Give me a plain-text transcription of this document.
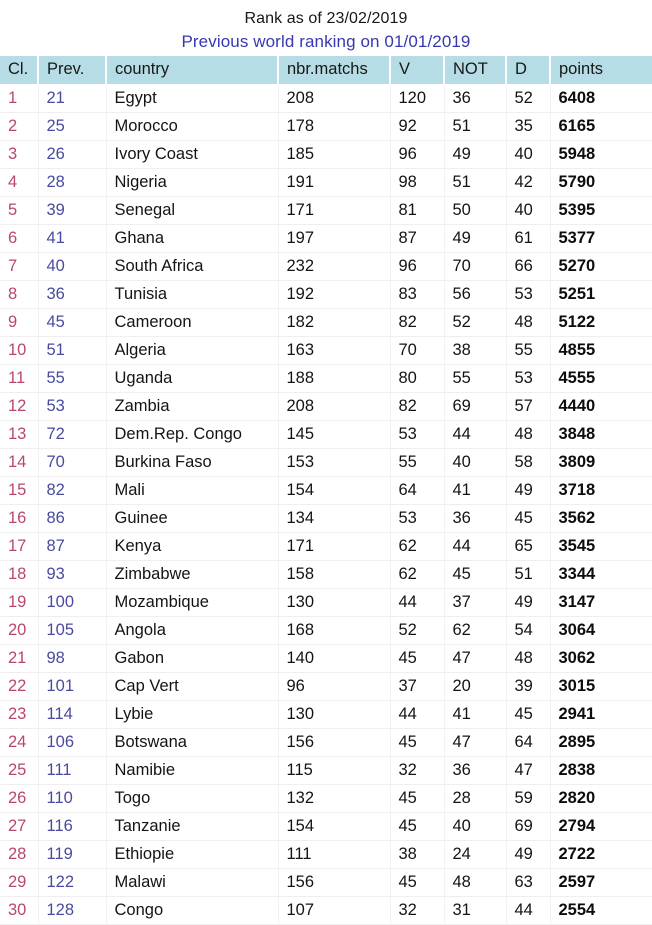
Rank as of 23/02/2019
Previous world ranking on 01/01/2019
Cl.	Prev.	country	nbr.matchs	V	NOT	D	points
1	21	Egypt	208	120	36	52	6408
2	25	Morocco	178	92	51	35	6165
3	26	Ivory Coast	185	96	49	40	5948
4	28	Nigeria	191	98	51	42	5790
5	39	Senegal	171	81	50	40	5395
6	41	Ghana	197	87	49	61	5377
7	40	South Africa	232	96	70	66	5270
8	36	Tunisia	192	83	56	53	5251
9	45	Cameroon	182	82	52	48	5122
10	51	Algeria	163	70	38	55	4855
11	55	Uganda	188	80	55	53	4555
12	53	Zambia	208	82	69	57	4440
13	72	Dem.Rep. Congo	145	53	44	48	3848
14	70	Burkina Faso	153	55	40	58	3809
15	82	Mali	154	64	41	49	3718
16	86	Guinee	134	53	36	45	3562
17	87	Kenya	171	62	44	65	3545
18	93	Zimbabwe	158	62	45	51	3344
19	100	Mozambique	130	44	37	49	3147
20	105	Angola	168	52	62	54	3064
21	98	Gabon	140	45	47	48	3062
22	101	Cap Vert	96	37	20	39	3015
23	114	Lybie	130	44	41	45	2941
24	106	Botswana	156	45	47	64	2895
25	111	Namibie	115	32	36	47	2838
26	110	Togo	132	45	28	59	2820
27	116	Tanzanie	154	45	40	69	2794
28	119	Ethiopie	111	38	24	49	2722
29	122	Malawi	156	45	48	63	2597
30	128	Congo	107	32	31	44	2554
